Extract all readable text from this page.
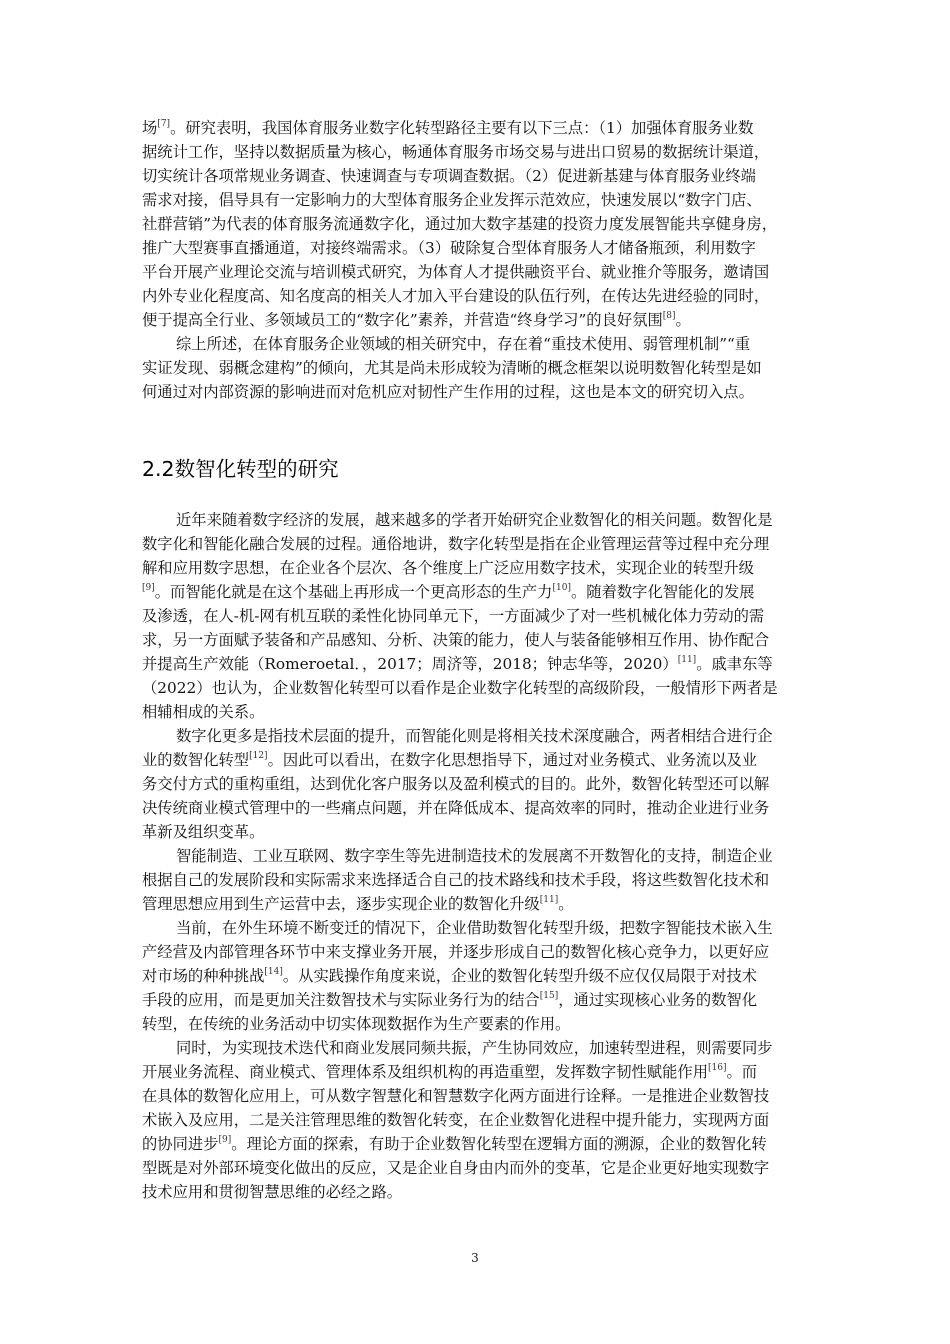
场[7]。研究表明，我国体育服务业数字化转型路径主要有以下三点：（1）加强体育服务业数
据统计工作，坚持以数据质量为核心，畅通体育服务市场交易与进出口贸易的数据统计渠道，
切实统计各项常规业务调查、快速调查与专项调查数据。（2）促进新基建与体育服务业终端
需求对接，倡导具有一定影响力的大型体育服务企业发挥示范效应，快速发展以“数字门店、
社群营销”为代表的体育服务流通数字化，通过加大数字基建的投资力度发展智能共享健身房，
推广大型赛事直播通道，对接终端需求。（3）破除复合型体育服务人才储备瓶颈，利用数字
平台开展产业理论交流与培训模式研究，为体育人才提供融资平台、就业推介等服务，邀请国
内外专业化程度高、知名度高的相关人才加入平台建设的队伍行列，在传达先进经验的同时，
便于提高全行业、多领域员工的“数字化”素养，并营造“终身学习”的良好氛围[8]。
综上所述，在体育服务企业领域的相关研究中，存在着“重技术使用、弱管理机制”“重
实证发现、弱概念建构”的倾向，尤其是尚未形成较为清晰的概念框架以说明数智化转型是如
何通过对内部资源的影响进而对危机应对韧性产生作用的过程，这也是本文的研究切入点。
2.2数智化转型的研究
近年来随着数字经济的发展，越来越多的学者开始研究企业数智化的相关问题。数智化是
数字化和智能化融合发展的过程。通俗地讲，数字化转型是指在企业管理运营等过程中充分理
解和应用数字思想，在企业各个层次、各个维度上广泛应用数字技术，实现企业的转型升级
[9]。而智能化就是在这个基础上再形成一个更高形态的生产力[10]。随着数字化智能化的发展
及渗透，在人-机-网有机互联的柔性化协同单元下，一方面减少了对一些机械化体力劳动的需
求，另一方面赋予装备和产品感知、分析、决策的能力，使人与装备能够相互作用、协作配合
并提高生产效能（Romeroetal．，2017；周济等，2018；钟志华等，2020）[11]。戚聿东等
（2022）也认为，企业数智化转型可以看作是企业数字化转型的高级阶段，一般情形下两者是
相辅相成的关系。
数字化更多是指技术层面的提升，而智能化则是将相关技术深度融合，两者相结合进行企
业的数智化转型[12]。因此可以看出，在数字化思想指导下，通过对业务模式、业务流以及业
务交付方式的重构重组，达到优化客户服务以及盈利模式的目的。此外，数智化转型还可以解
决传统商业模式管理中的一些痛点问题，并在降低成本、提高效率的同时，推动企业进行业务
革新及组织变革。
智能制造、工业互联网、数字孪生等先进制造技术的发展离不开数智化的支持，制造企业
根据自己的发展阶段和实际需求来选择适合自己的技术路线和技术手段，将这些数智化技术和
管理思想应用到生产运营中去，逐步实现企业的数智化升级[11]。
当前，在外生环境不断变迁的情况下，企业借助数智化转型升级，把数字智能技术嵌入生
产经营及内部管理各环节中来支撑业务开展，并逐步形成自己的数智化核心竞争力，以更好应
对市场的种种挑战[14]。从实践操作角度来说，企业的数智化转型升级不应仅仅局限于对技术
手段的应用，而是更加关注数智技术与实际业务行为的结合[15]，通过实现核心业务的数智化
转型，在传统的业务活动中切实体现数据作为生产要素的作用。
同时，为实现技术迭代和商业发展同频共振，产生协同效应，加速转型进程，则需要同步
开展业务流程、商业模式、管理体系及组织机构的再造重塑，发挥数字韧性赋能作用[16]。而
在具体的数智化应用上，可从数字智慧化和智慧数字化两方面进行诠释。一是推进企业数智技
术嵌入及应用，二是关注管理思维的数智化转变，在企业数智化进程中提升能力，实现两方面
的协同进步[9]。理论方面的探索，有助于企业数智化转型在逻辑方面的溯源，企业的数智化转
型既是对外部环境变化做出的反应，又是企业自身由内而外的变革，它是企业更好地实现数字
技术应用和贯彻智慧思维的必经之路。
3
